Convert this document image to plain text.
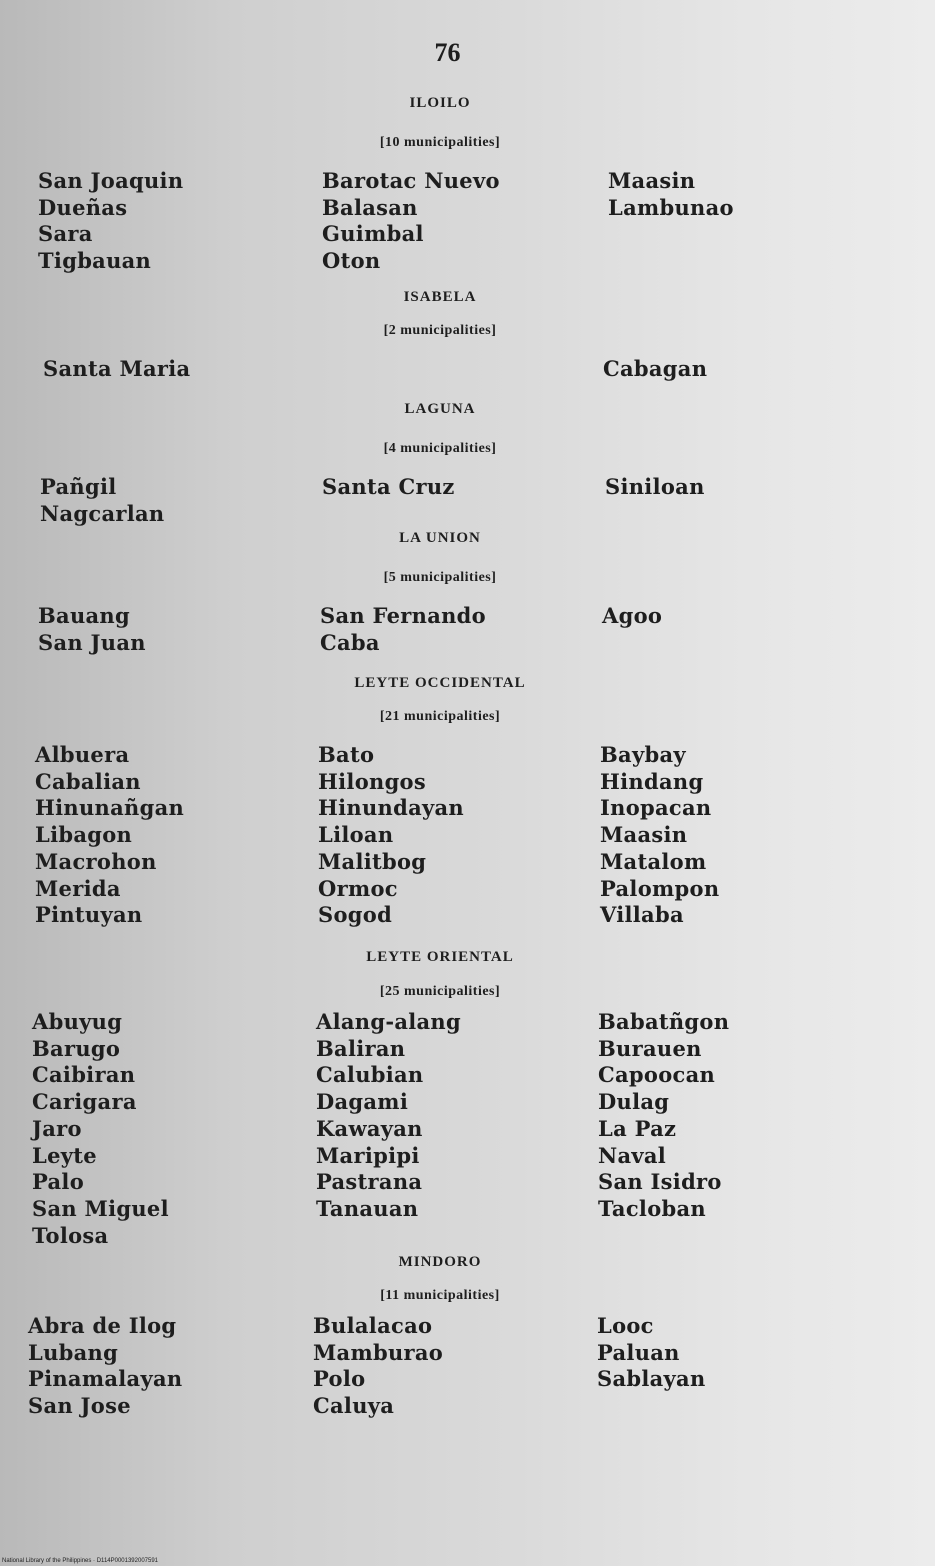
76
ILOILO
[10 municipalities]
San Joaquin
Dueñas
Sara
Tigbauan
Barotac Nuevo
Balasan
Guimbal
Oton
Maasin
Lambunao
ISABELA
[2 municipalities]
Santa Maria	Cabagan
LAGUNA
[4 municipalities]
Pañgil
Nagcarlan
Santa Cruz	Siniloan
LA UNION
[5 municipalities]
Bauang
San Juan
San Fernando
Caba
Agoo
LEYTE OCCIDENTAL
[21 municipalities]
Albuera
Cabalian
Hinunañgan
Libagon
Macrohon
Merida
Pintuyan
Bato
Hilongos
Hinundayan
Liloan
Malitbog
Ormoc
Sogod
Baybay
Hindang
Inopacan
Maasin
Matalom
Palompon
Villaba
LEYTE ORIENTAL
[25 municipalities]
Abuyug
Barugo
Caibiran
Carigara
Jaro
Leyte
Palo
San Miguel
Tolosa
Alang-alang
Baliran
Calubian
Dagami
Kawayan
Maripipi
Pastrana
Tanauan
Babatñgon
Burauen
Capoocan
Dulag
La Paz
Naval
San Isidro
Tacloban
MINDORO
[11 municipalities]
Abra de Ilog
Lubang
Pinamalayan
San Jose
Bulalacao
Mamburao
Polo
Caluya
Looc
Paluan
Sablayan
National Library of the Philippines · D114P0001392007591
